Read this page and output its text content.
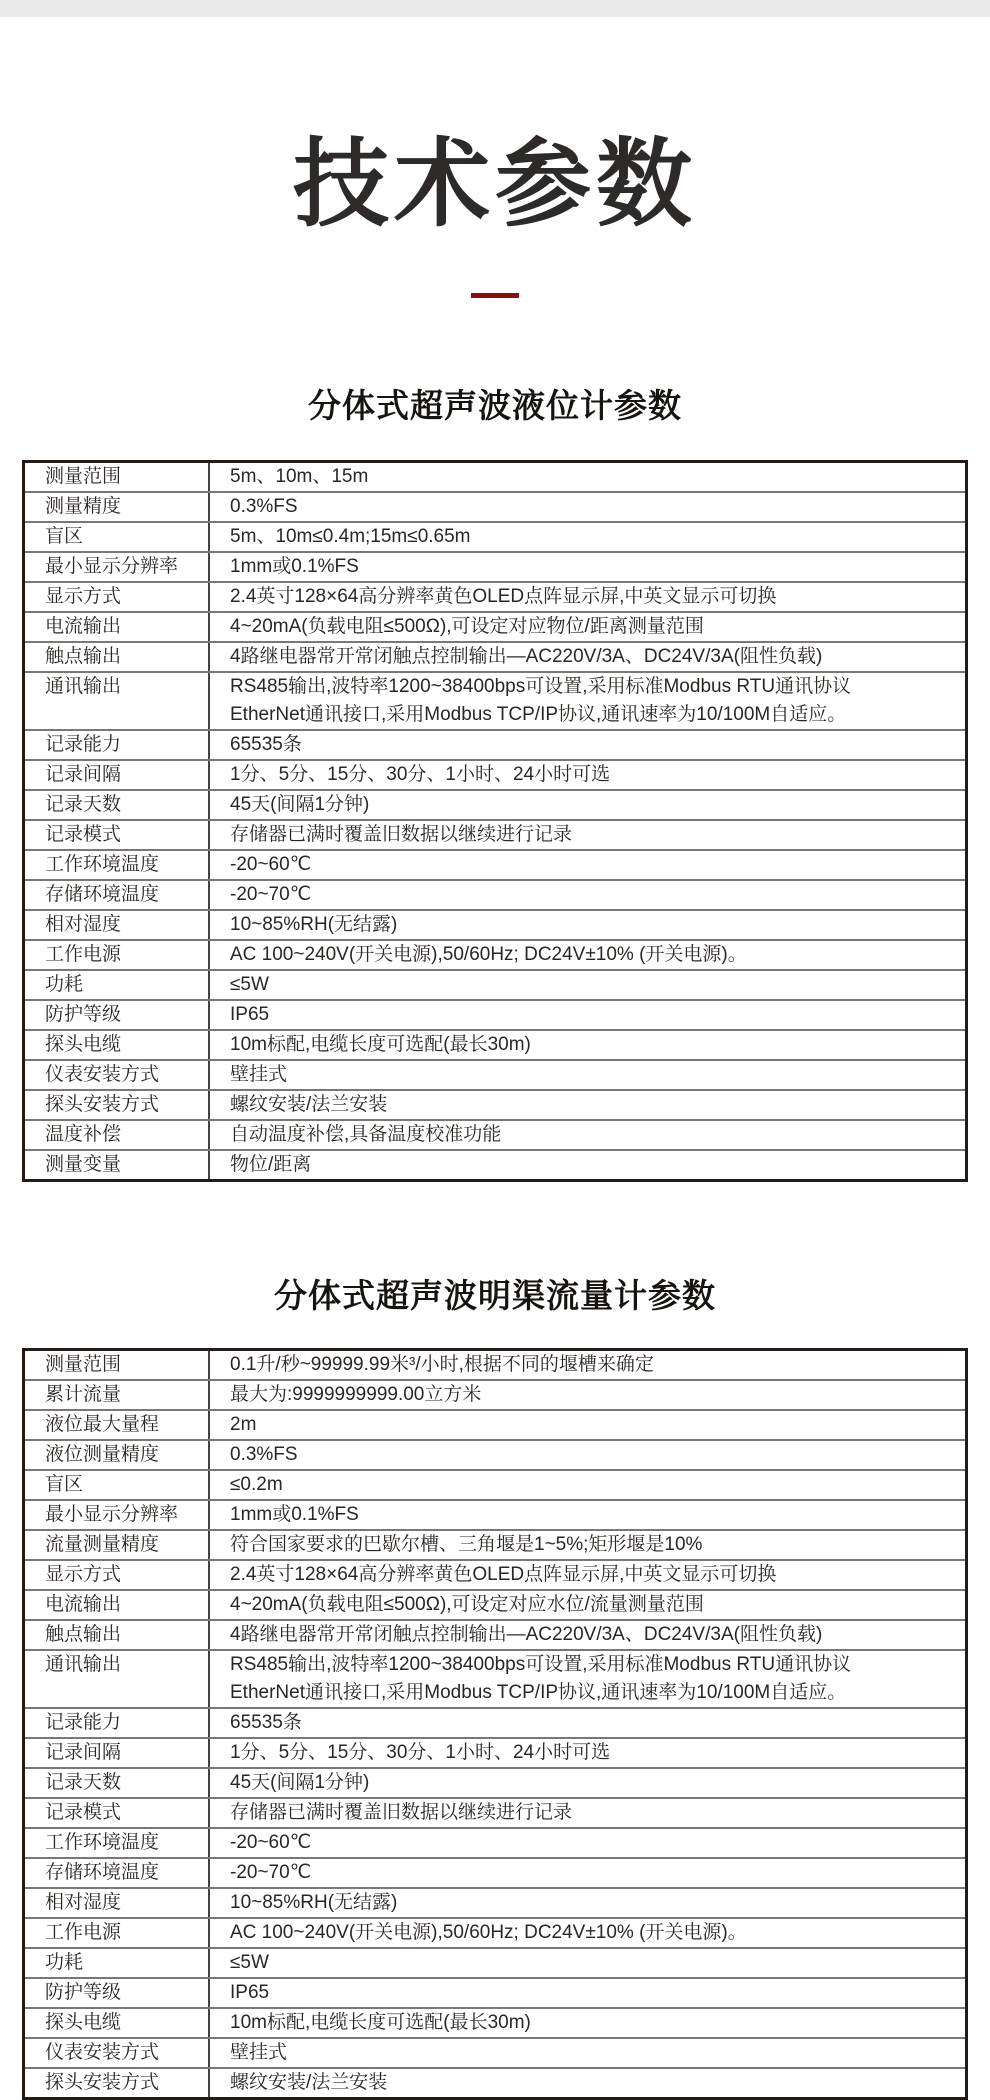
技术参数
分体式超声波液位计参数
测量范围	5m、10m、15m
测量精度	0.3%FS
盲区	5m、10m≤0.4m;15m≤0.65m
最小显示分辨率	1mm或0.1%FS
显示方式	2.4英寸128×64高分辨率黄色OLED点阵显示屏,中英文显示可切换
电流输出	4~20mA(负载电阻≤500Ω),可设定对应物位/距离测量范围
触点输出	4路继电器常开常闭触点控制输出—AC220V/3A、DC24V/3A(阻性负载)
通讯输出	RS485输出,波特率1200~38400bps可设置,采用标准Modbus RTU通讯协议
EtherNet通讯接口,采用Modbus TCP/IP协议,通讯速率为10/100M自适应。
记录能力	65535条
记录间隔	1分、5分、15分、30分、1小时、24小时可选
记录天数	45天(间隔1分钟)
记录模式	存储器已满时覆盖旧数据以继续进行记录
工作环境温度	-20~60℃
存储环境温度	-20~70℃
相对湿度	10~85%RH(无结露)
工作电源	AC 100~240V(开关电源),50/60Hz; DC24V±10% (开关电源)。
功耗	≤5W
防护等级	IP65
探头电缆	10m标配,电缆长度可选配(最长30m)
仪表安装方式	壁挂式
探头安装方式	螺纹安装/法兰安装
温度补偿	自动温度补偿,具备温度校准功能
测量变量	物位/距离
分体式超声波明渠流量计参数
测量范围	0.1升/秒~99999.99米³/小时,根据不同的堰槽来确定
累计流量	最大为:9999999999.00立方米
液位最大量程	2m
液位测量精度	0.3%FS
盲区	≤0.2m
最小显示分辨率	1mm或0.1%FS
流量测量精度	符合国家要求的巴歇尔槽、三角堰是1~5%;矩形堰是10%
显示方式	2.4英寸128×64高分辨率黄色OLED点阵显示屏,中英文显示可切换
电流输出	4~20mA(负载电阻≤500Ω),可设定对应水位/流量测量范围
触点输出	4路继电器常开常闭触点控制输出—AC220V/3A、DC24V/3A(阻性负载)
通讯输出	RS485输出,波特率1200~38400bps可设置,采用标准Modbus RTU通讯协议
EtherNet通讯接口,采用Modbus TCP/IP协议,通讯速率为10/100M自适应。
记录能力	65535条
记录间隔	1分、5分、15分、30分、1小时、24小时可选
记录天数	45天(间隔1分钟)
记录模式	存储器已满时覆盖旧数据以继续进行记录
工作环境温度	-20~60℃
存储环境温度	-20~70℃
相对湿度	10~85%RH(无结露)
工作电源	AC 100~240V(开关电源),50/60Hz; DC24V±10% (开关电源)。
功耗	≤5W
防护等级	IP65
探头电缆	10m标配,电缆长度可选配(最长30m)
仪表安装方式	壁挂式
探头安装方式	螺纹安装/法兰安装
